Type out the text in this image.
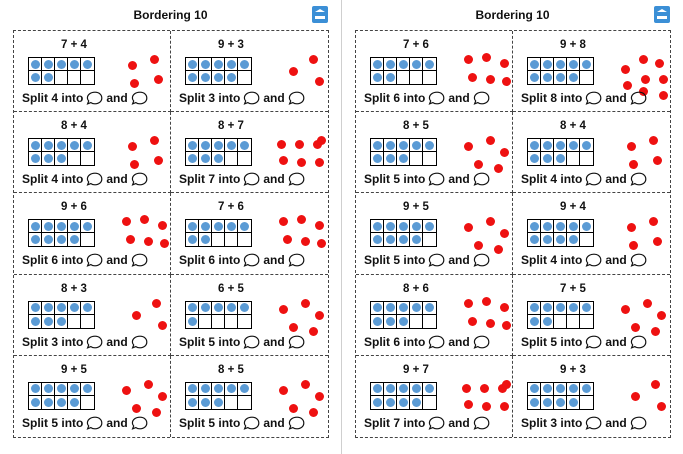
Bordering 10
7 + 4
Split
4
into and
9 + 3
Split
3
into and
8 + 4
Split
4
into and
8 + 7
Split
7
into and
9 + 6
Split
6
into and
7 + 6
Split
6
into and
8 + 3
Split
3
into and
6 + 5
Split
5
into and
9 + 5
Split
5
into and
8 + 5
Split
5
into and
Bordering 10
7 + 6
Split
6
into and
9 + 8
Split
8
into and
8 + 5
Split
5
into and
8 + 4
Split
4
into and
9 + 5
Split
5
into and
9 + 4
Split
4
into and
8 + 6
Split
6
into and
7 + 5
Split
5
into and
9 + 7
Split
7
into and
9 + 3
Split
3
into and
